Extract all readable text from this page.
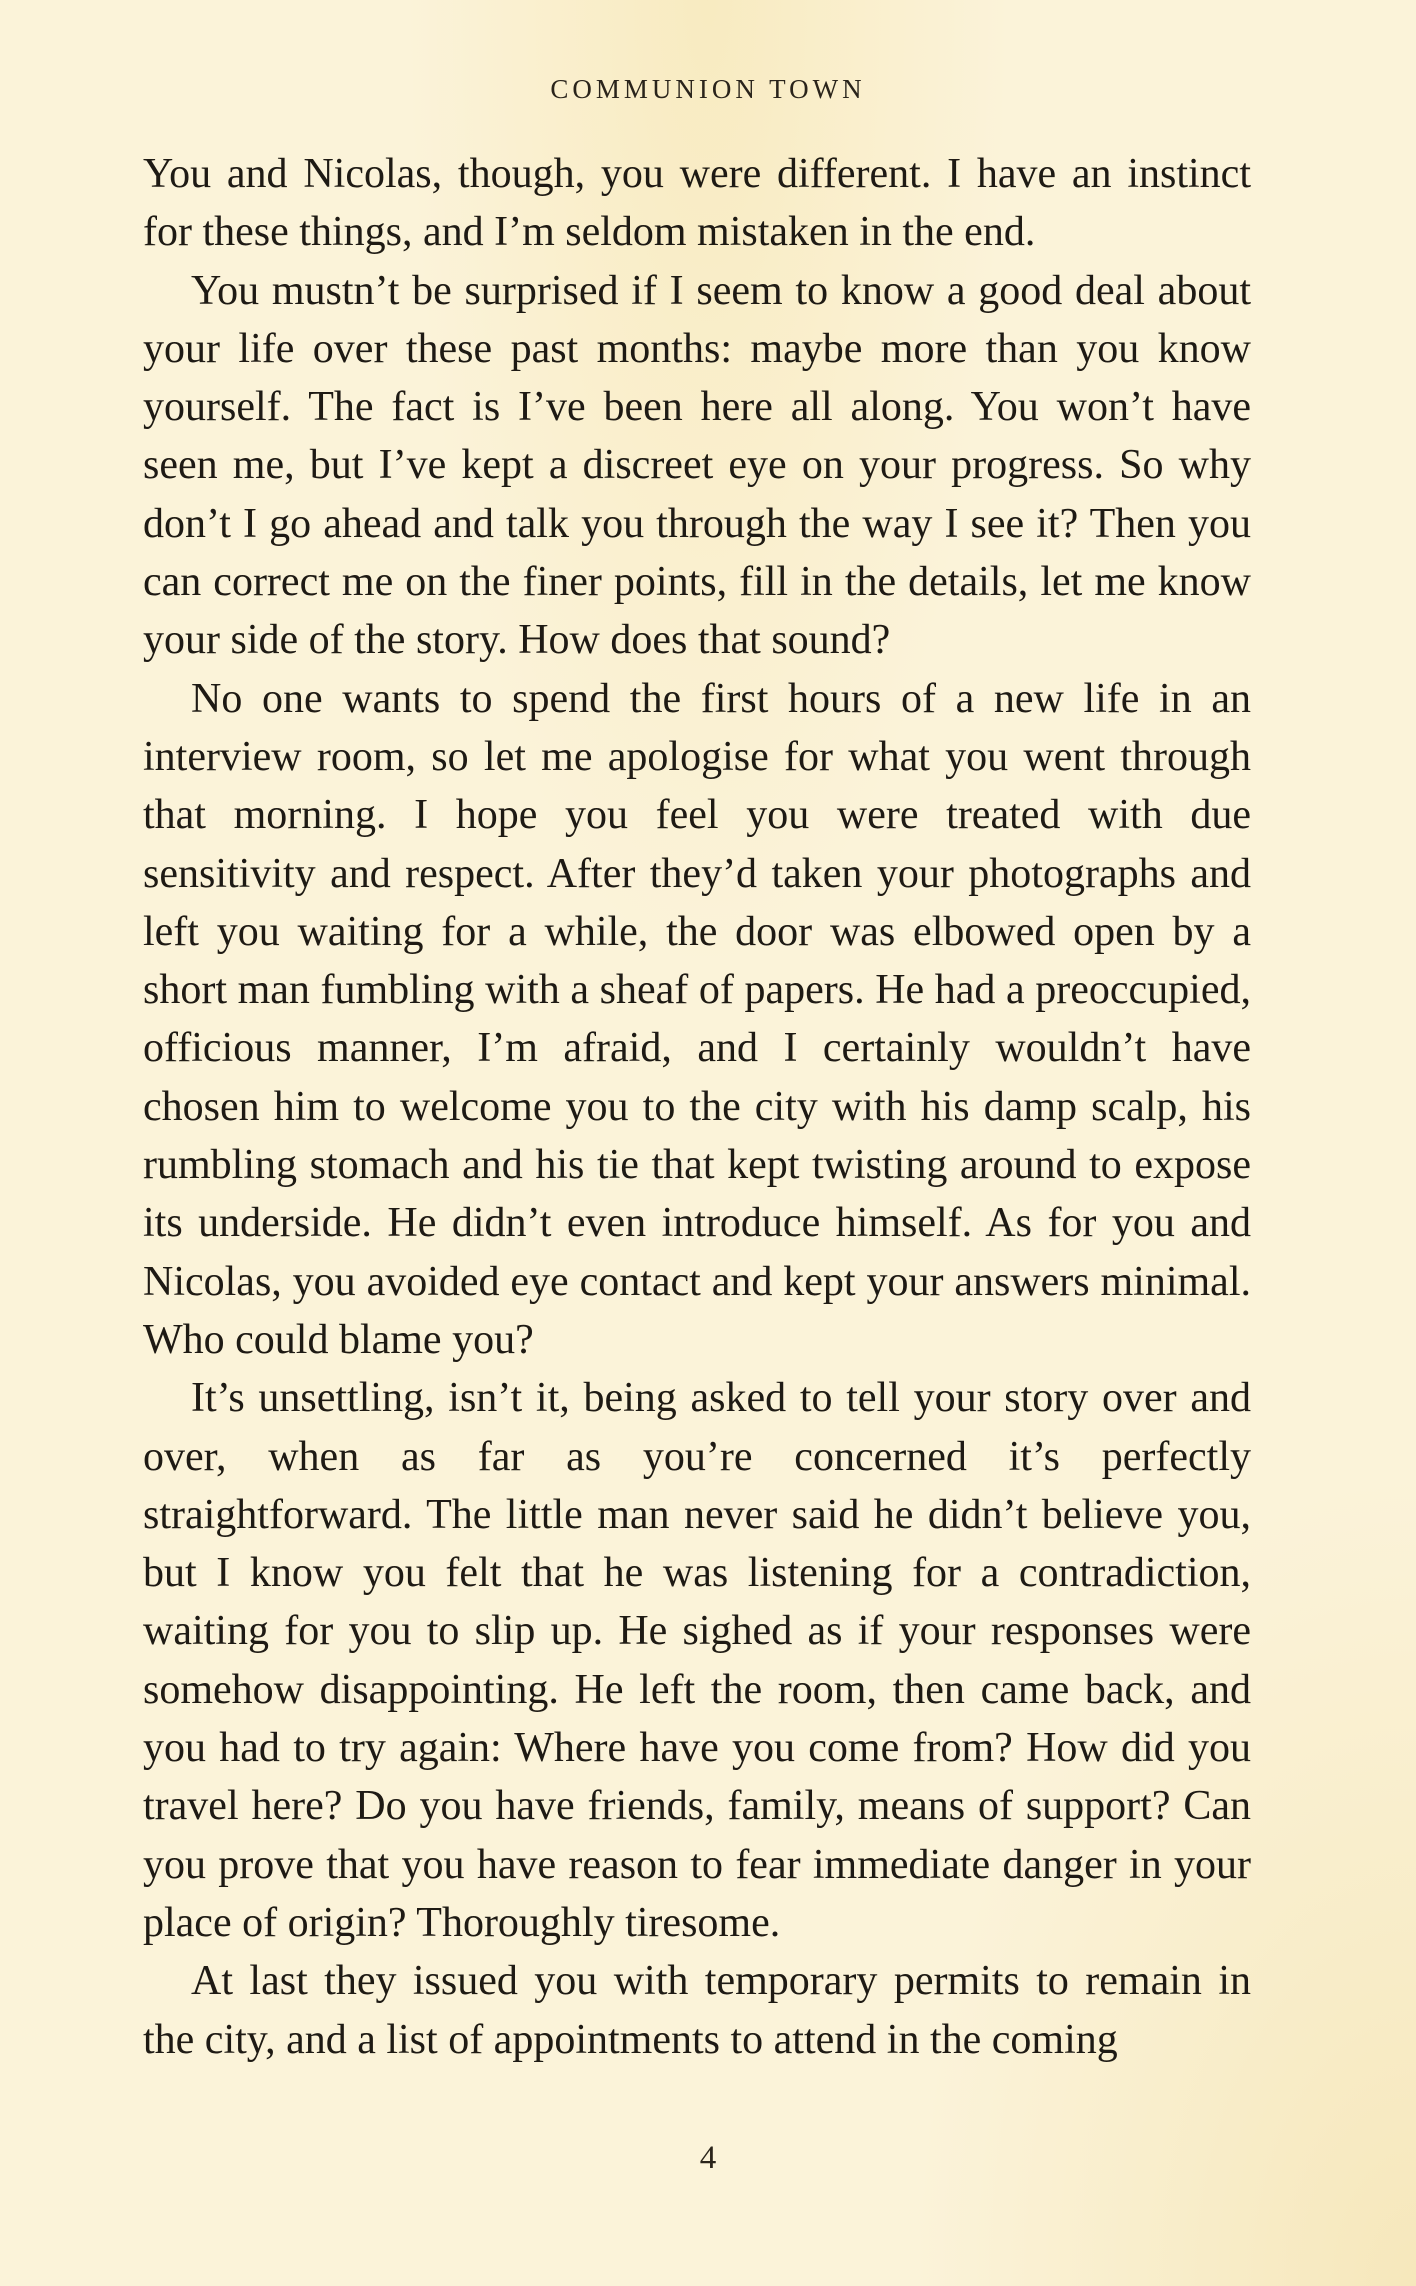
COMMUNION TOWN

You and Nicolas, though, you were different. I have an instinct for these things, and I’m seldom mistaken in the end.

You mustn’t be surprised if I seem to know a good deal about your life over these past months: maybe more than you know yourself. The fact is I’ve been here all along. You won’t have seen me, but I’ve kept a discreet eye on your progress. So why don’t I go ahead and talk you through the way I see it? Then you can correct me on the finer points, fill in the details, let me know your side of the story. How does that sound?

No one wants to spend the first hours of a new life in an interview room, so let me apologise for what you went through that morning. I hope you feel you were treated with due sensitivity and respect. After they’d taken your photographs and left you waiting for a while, the door was elbowed open by a short man fumbling with a sheaf of papers. He had a preoccupied, officious manner, I’m afraid, and I certainly wouldn’t have chosen him to welcome you to the city with his damp scalp, his rumbling stomach and his tie that kept twisting around to expose its underside. He didn’t even introduce himself. As for you and Nicolas, you avoided eye contact and kept your answers minimal. Who could blame you?

It’s unsettling, isn’t it, being asked to tell your story over and over, when as far as you’re concerned it’s perfectly straightforward. The little man never said he didn’t believe you, but I know you felt that he was listening for a contradiction, waiting for you to slip up. He sighed as if your responses were somehow disappointing. He left the room, then came back, and you had to try again: Where have you come from? How did you travel here? Do you have friends, family, means of support? Can you prove that you have reason to fear immediate danger in your place of origin? Thoroughly tiresome.

At last they issued you with temporary permits to remain in the city, and a list of appointments to attend in the coming

4
